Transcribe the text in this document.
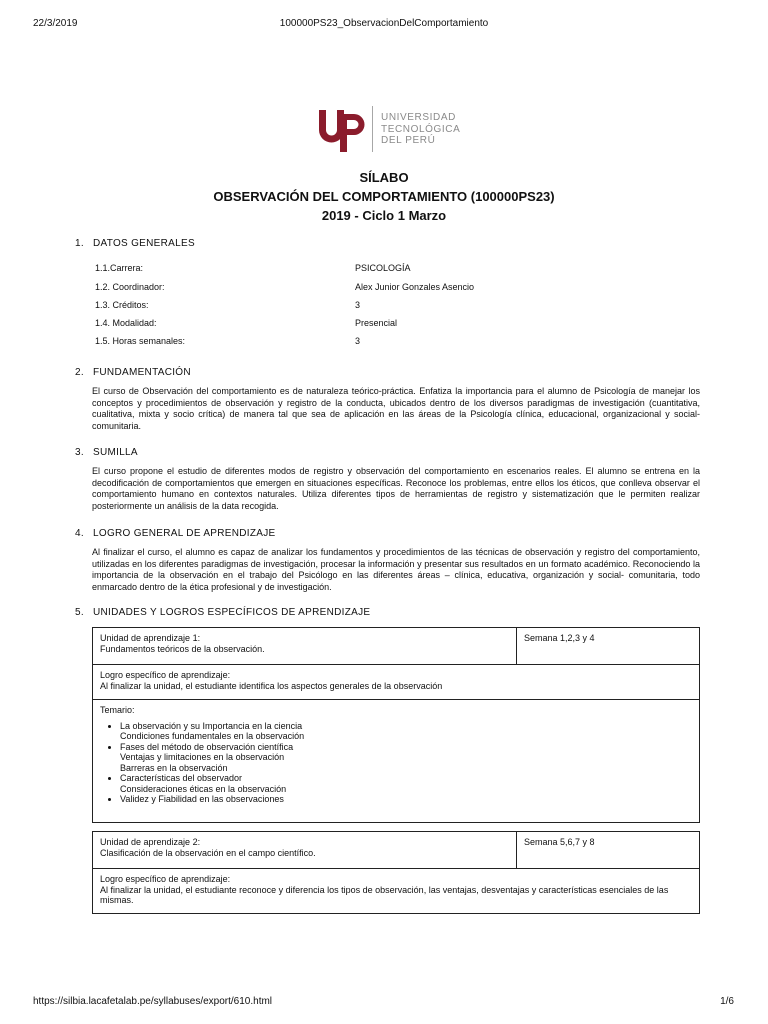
22/3/2019	100000PS23_ObservacionDelComportamiento
https://silbia.lacafetalab.pe/syllabuses/export/610.html	1/6
UNIVERSIDAD
TECNOLÓGICA
DEL PERÚ
SÍLABO
OBSERVACIÓN DEL COMPORTAMIENTO (100000PS23)
2019 - Ciclo 1 Marzo
1. DATOS GENERALES
1.1.Carrera:	PSICOLOGÍA
1.2. Coordinador:	Alex Junior Gonzales Asencio
1.3. Créditos:	3
1.4. Modalidad:	Presencial
1.5. Horas semanales:	3
2. FUNDAMENTACIÓN
El curso de Observación del comportamiento es de naturaleza teórico-práctica. Enfatiza la importancia para el alumno de Psicología de manejar los conceptos y procedimientos de observación y registro de la conducta, ubicados dentro de los diversos paradigmas de investigación (cuantitativa, cualitativa, mixta y socio crítica) de manera tal que sea de aplicación en las áreas de la Psicología clínica, educacional, organizacional y social-comunitaria.
3. SUMILLA
El curso propone el estudio de diferentes modos de registro y observación del comportamiento en escenarios reales. El alumno se entrena en la decodificación de comportamientos que emergen en situaciones específicas. Reconoce los problemas, entre ellos los éticos, que conlleva observar el comportamiento humano en contextos naturales. Utiliza diferentes tipos de herramientas de registro y sistematización que le permiten realizar posteriormente un análisis de la data recogida.
4. LOGRO GENERAL DE APRENDIZAJE
Al finalizar el curso, el alumno es capaz de analizar los fundamentos y procedimientos de las técnicas de observación y registro del comportamiento, utilizadas en los diferentes paradigmas de investigación, procesar la información y presentar sus resultados en un formato académico. Reconociendo la importancia de la observación en el trabajo del Psicólogo en las diferentes áreas – clínica, educativa, organización y social- comunitaria, todo enmarcado dentro de la ética profesional y de investigación.
5. UNIDADES Y LOGROS ESPECÍFICOS DE APRENDIZAJE
Unidad de aprendizaje 1:
Fundamentos teóricos de la observación.
Semana 1,2,3 y 4
Logro específico de aprendizaje:
Al finalizar la unidad, el estudiante identifica los aspectos generales de la observación
Temario:
• La observación y su Importancia en la ciencia
Condiciones fundamentales en la observación
• Fases del método de observación científica
Ventajas y limitaciones en la observación
Barreras en la observación
• Características del observador
Consideraciones éticas en la observación
• Validez y Fiabilidad en las observaciones
Unidad de aprendizaje 2:
Clasificación de la observación en el campo científico.
Semana 5,6,7 y 8
Logro específico de aprendizaje:
Al finalizar la unidad, el estudiante reconoce y diferencia los tipos de observación, las ventajas, desventajas y características esenciales de las mismas.
